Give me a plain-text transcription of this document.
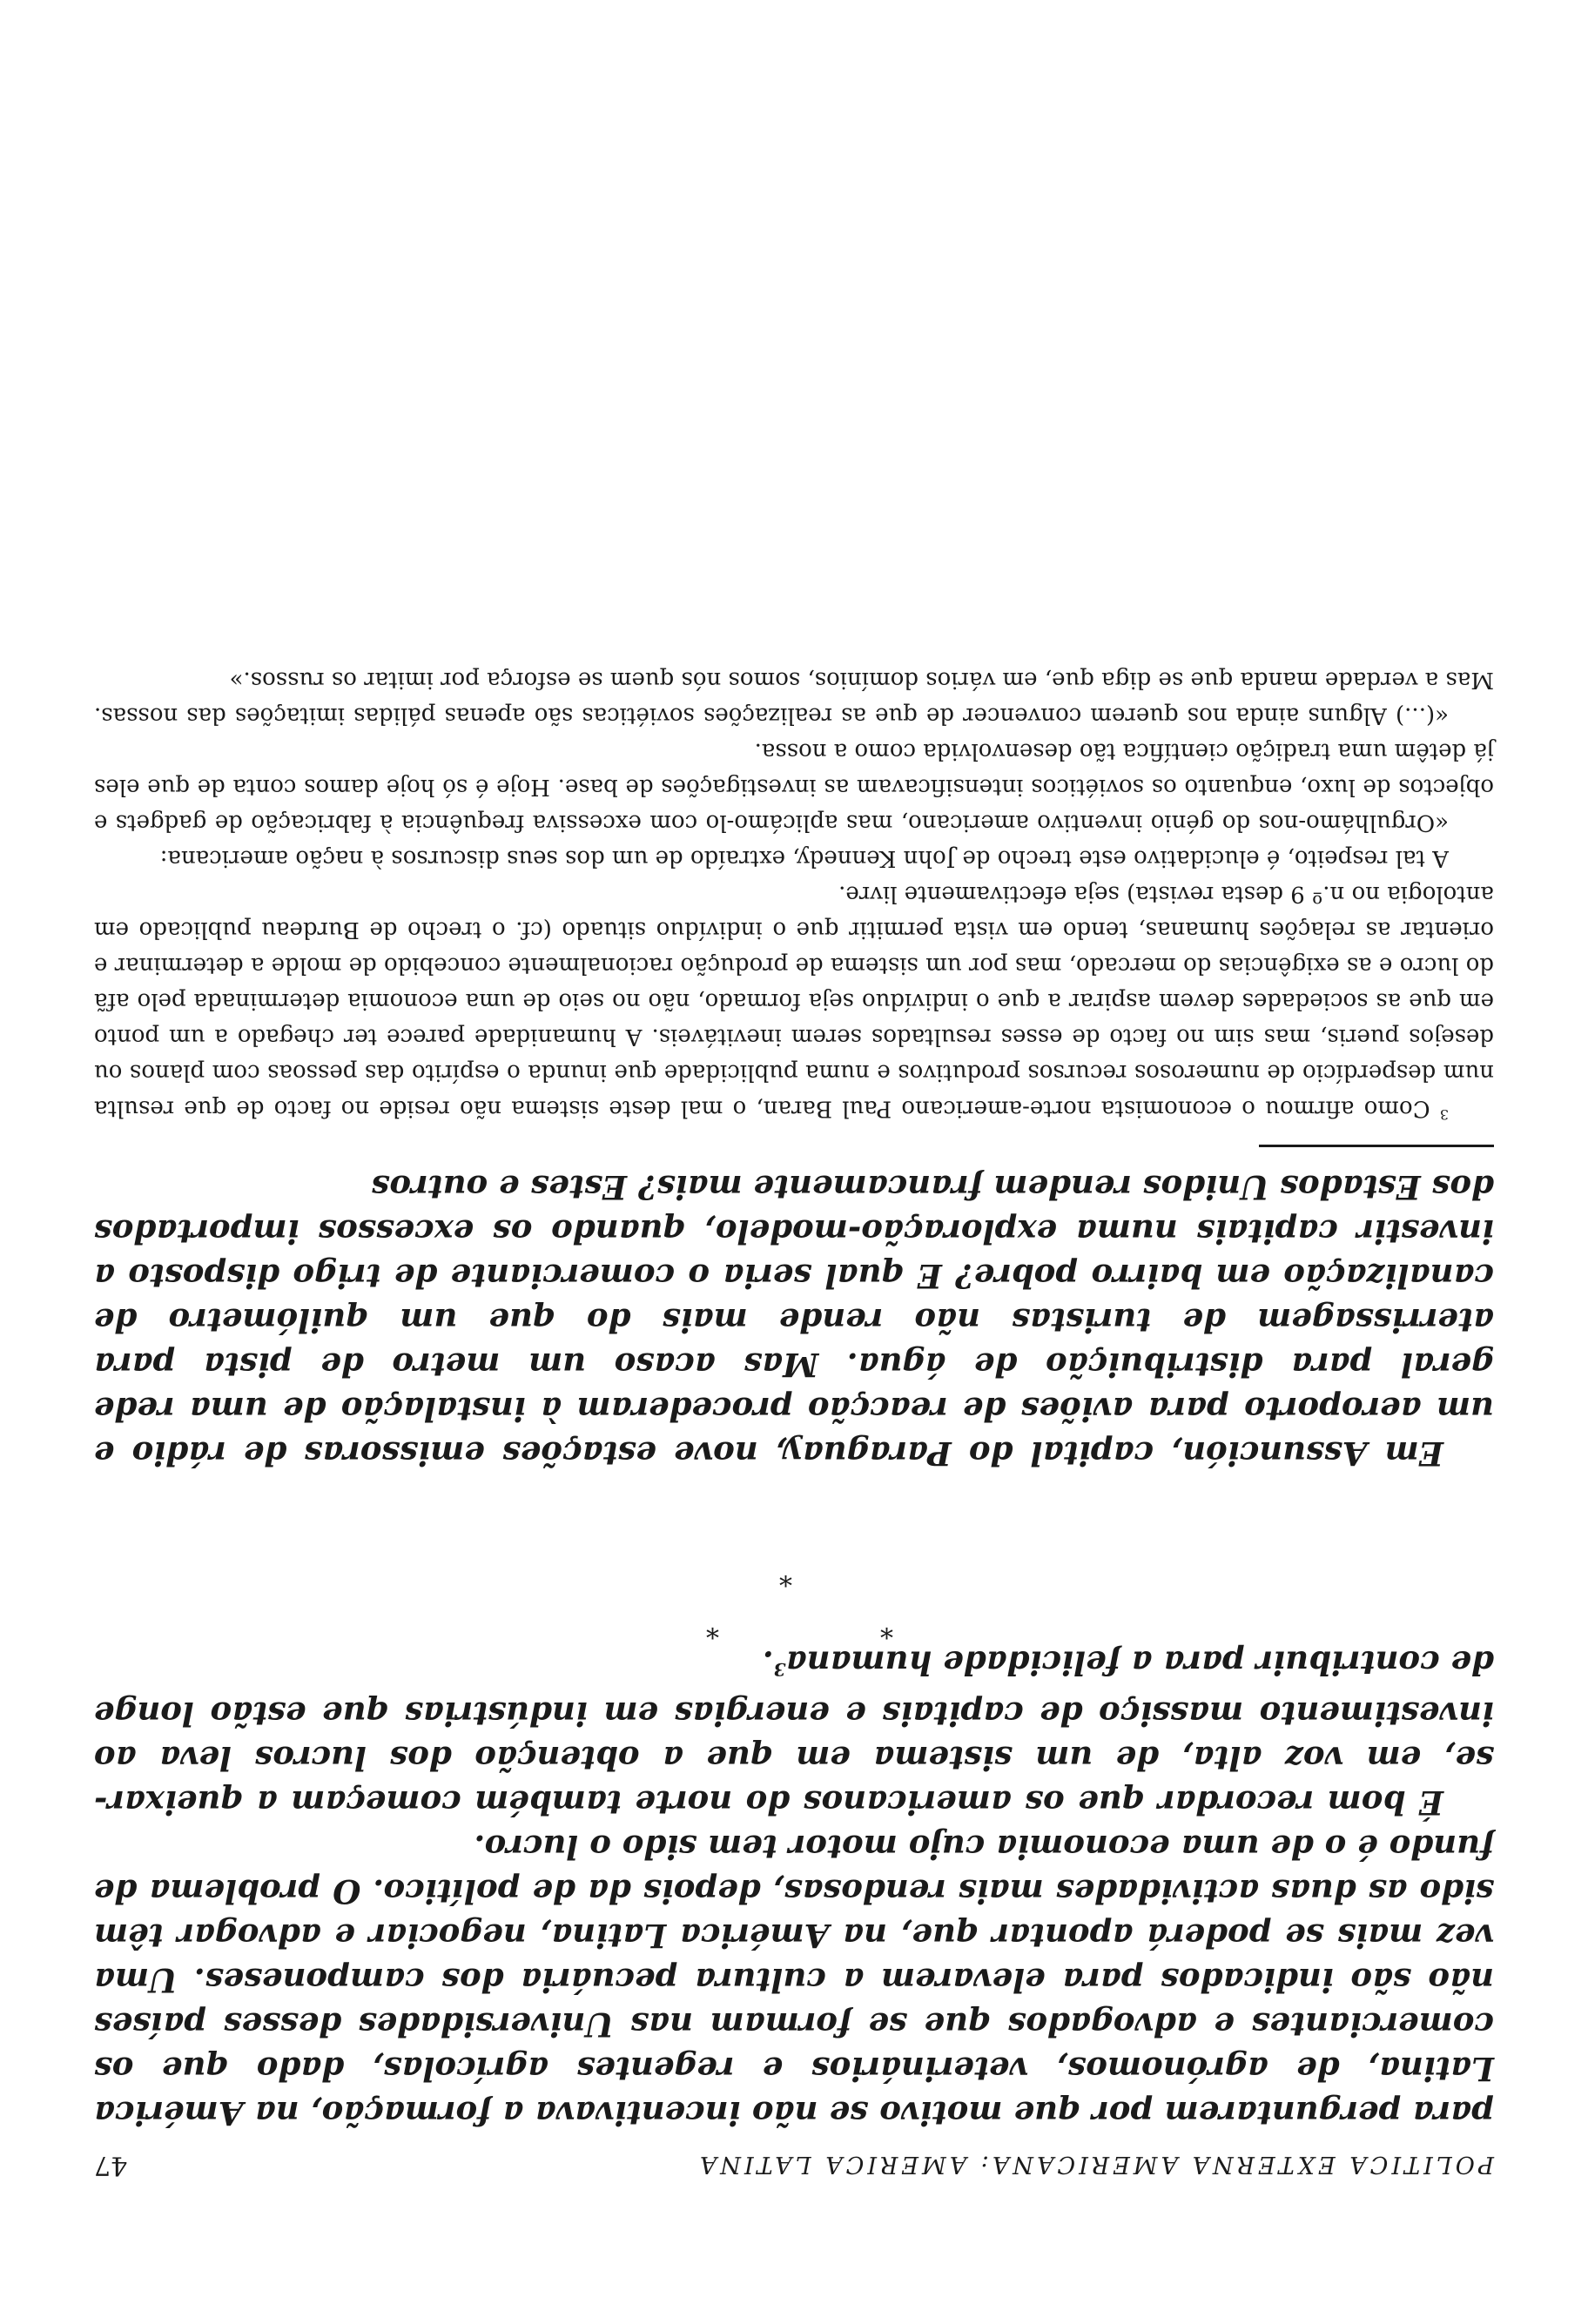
POLITICA EXTERNA AMERICANA: AMERICA LATINA
47

para perguntarem por que motivo se não incentivava a formação, na América Latina, de agrónomos, veterinários e regentes agrícolas, dado que os comerciantes e advogados que se formam nas Universidades desses países não são indicados para elevarem a cultura pecuária dos camponeses. Uma vez mais se poderá apontar que, na América Latina, negociar e advogar têm sido as duas actividades mais rendosas, depois da de político. O problema de fundo é o de uma economia cujo motor tem sido o lucro.

É bom recordar que os americanos do norte também começam a queixar-se, em voz alta, de um sistema em que a obtenção dos lucros leva ao investimento massiço de capitais e energias em indústrias que estão longe de contribuir para a felicidade humana$^3$.

*
*	*

Em Assunción, capital do Paraguay, nove estações emissoras de rádio e um aeroporto para aviões de reacção procederam à instalação de uma rede geral para distribuição de água. Mas acaso um metro de pista para aterrissagem de turistas não rende mais do que um quilómetro de canalização em bairro pobre? E qual seria o comerciante de trigo disposto a investir capitais numa exploração-modelo, quando os excessos importados dos Estados Unidos rendem francamente mais? Estes e outros

$^3$ Como afirmou o economista norte-americano Paul Baran, o mal deste sistema não reside no facto de que resulta num desperdício de numerosos recursos produtivos e numa publicidade que inunda o espírito das pessoas com planos ou desejos pueris, mas sim no facto de esses resultados serem inevitáveis. A humanidade parece ter chegado a um ponto em que as sociedades devem aspirar a que o indivíduo seja formado, não no seio de uma economia determinada pelo afã do lucro e as exigências do mercado, mas por um sistema de produção racionalmente concebido de molde a determinar e orientar as relações humanas, tendo em vista permitir que o indivíduo situado (cf. o trecho de Burdeau publicado em antologia no n.º 9 desta revista) seja efectivamente livre.

A tal respeito, é elucidativo este trecho de John Kennedy, extraído de um dos seus discursos à nação americana:

«Orgulhámo-nos do génio inventivo americano, mas aplicámo-lo com excessiva frequência à fabricação de gadgets e objectos de luxo, enquanto os soviéticos intensificavam as investigações de base. Hoje é só hoje damos conta de que eles já detêm uma tradição científica tão desenvolvida como a nossa.

«(...) Alguns ainda nos querem convencer de que as realizações soviéticas são apenas pálidas imitações das nossas. Mas a verdade manda que se diga que, em vários domínios, somos nós quem se esforça por imitar os russos.»
